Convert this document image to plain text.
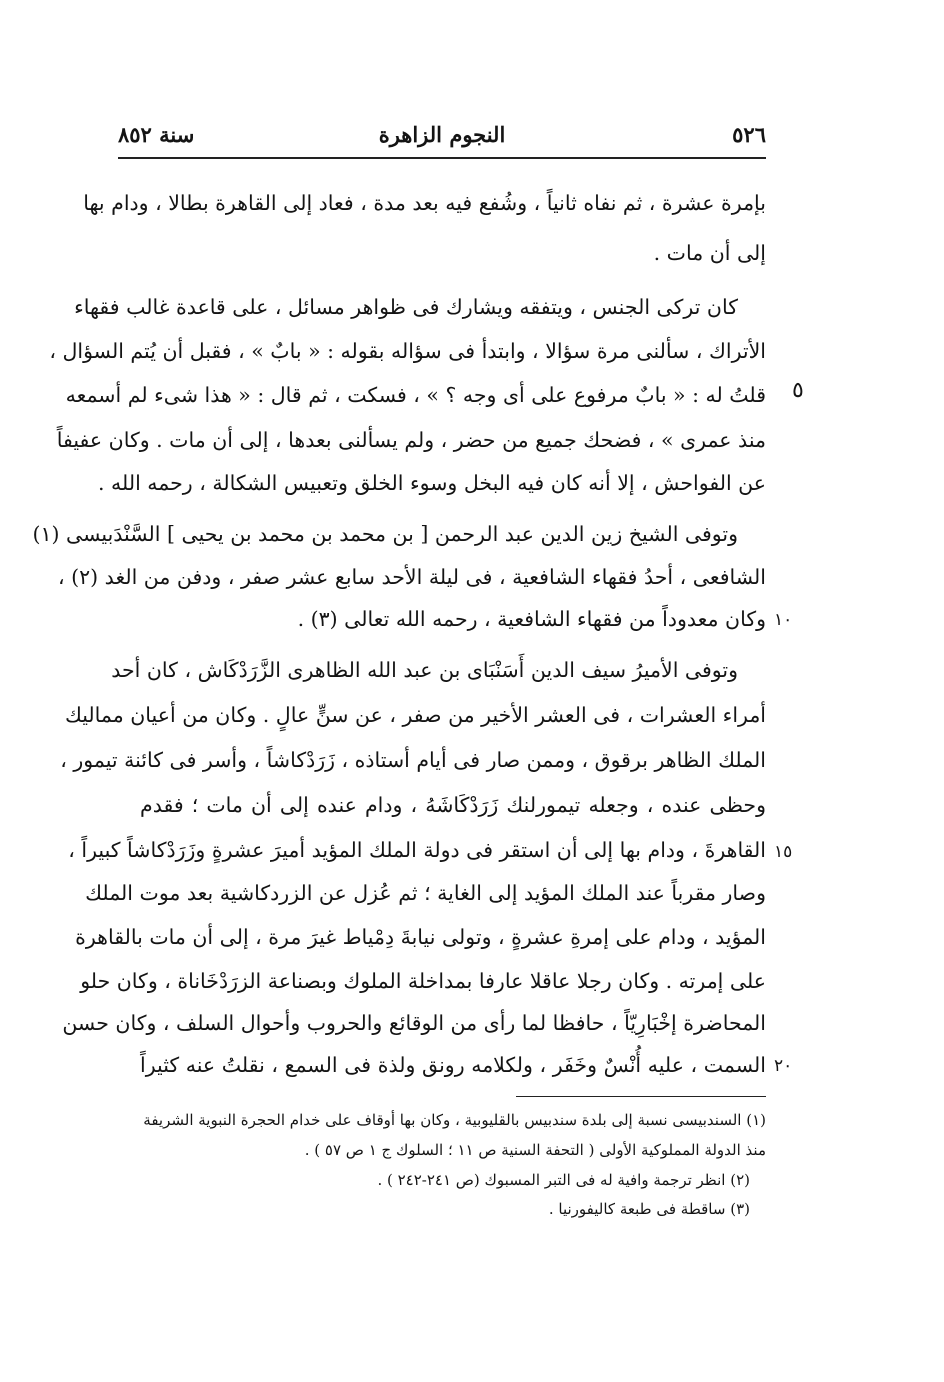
٥٢٦
النجوم الزاهرة
سنة ٨٥٢
بإمرة عشرة ، ثم نفاه ثانياً ، وشُفع فيه بعد مدة ، فعاد إلى القاهرة بطالا ، ودام بها
إلى أن مات .
كان تركى الجنس ، ويتفقه ويشارك فى ظواهر مسائل ، على قاعدة غالب فقهاء
الأتراك ، سألنى مرة سؤالا ، وابتدأ فى سؤاله بقوله : « بابٌ » ، فقبل أن يُتم السؤال ،
قلتُ له : « بابٌ مرفوع على أى وجه ؟ » ، فسكت ، ثم قال : « هذا شىء لم أسمعه ٥
منذ عمرى » ، فضحك جميع من حضر ، ولم يسألنى بعدها ، إلى أن مات . وكان عفيفاً
عن الفواحش ، إلا أنه كان فيه البخل وسوء الخلق وتعبيس الشكالة ، رحمه الله .
وتوفى الشيخ زين الدين عبد الرحمن [ بن محمد بن محمد بن يحيى ] السَّنْدَبيسى (١)
الشافعى ، أحدُ فقهاء الشافعية ، فى ليلة الأحد سابع عشر صفر ، ودفن من الغد (٢) ،
وكان معدوداً من فقهاء الشافعية ، رحمه الله تعالى (٣) . ١٠
وتوفى الأميرُ سيف الدين أَسَنْبَاى بن عبد الله الظاهرى الزَّرَدْكَاش ، كان أحد
أمراء العشرات ، فى العشر الأخير من صفر ، عن سنٍّ عالٍ . وكان من أعيان مماليك
الملك الظاهر برقوق ، وممن صار فى أيام أستاذه ، زَرَدْكاشاً ، وأسر فى كائنة تيمور ،
وحظى عنده ، وجعله تيمورلنك زَرَدْكَاشَهُ ، ودام عنده إلى أن مات ؛ فقدم
القاهرةَ ، ودام بها إلى أن استقر فى دولة الملك المؤيد أميرَ عشرةٍ وزَرَدْكاشاً كبيراً ، ١٥
وصار مقرباً عند الملك المؤيد إلى الغاية ؛ ثم عُزل عن الزردكاشية بعد موت الملك
المؤيد ، ودام على إمرةِ عشرةٍ ، وتولى نيابةَ دِمْياط غيرَ مرة ، إلى أن مات بالقاهرة
على إمرته . وكان رجلا عاقلا عارفا بمداخلة الملوك وبصناعة الزرَدْخَاناة ، وكان حلو
المحاضرة إخْبَارِيّاً ، حافظا لما رأى من الوقائع والحروب وأحوال السلف ، وكان حسن
السمت ، عليه أُنْسٌ وخَفَر ، ولكلامه رونق ولذة فى السمع ، نقلتُ عنه كثيراً ٢٠
(١) السندبيسى نسبة إلى بلدة سندبيس بالقليوبية ، وكان بها أوقاف على خدام الحجرة النبوية الشريفة
منذ الدولة المملوكية الأولى ( التحفة السنية ص ١١ ؛ السلوك ج ١ ص ٥٧ ) .
(٢) انظر ترجمة وافية له فى التبر المسبوك (ص ٢٤١-٢٤٢ ) .
(٣) ساقطة فى طبعة كاليفورنيا .
